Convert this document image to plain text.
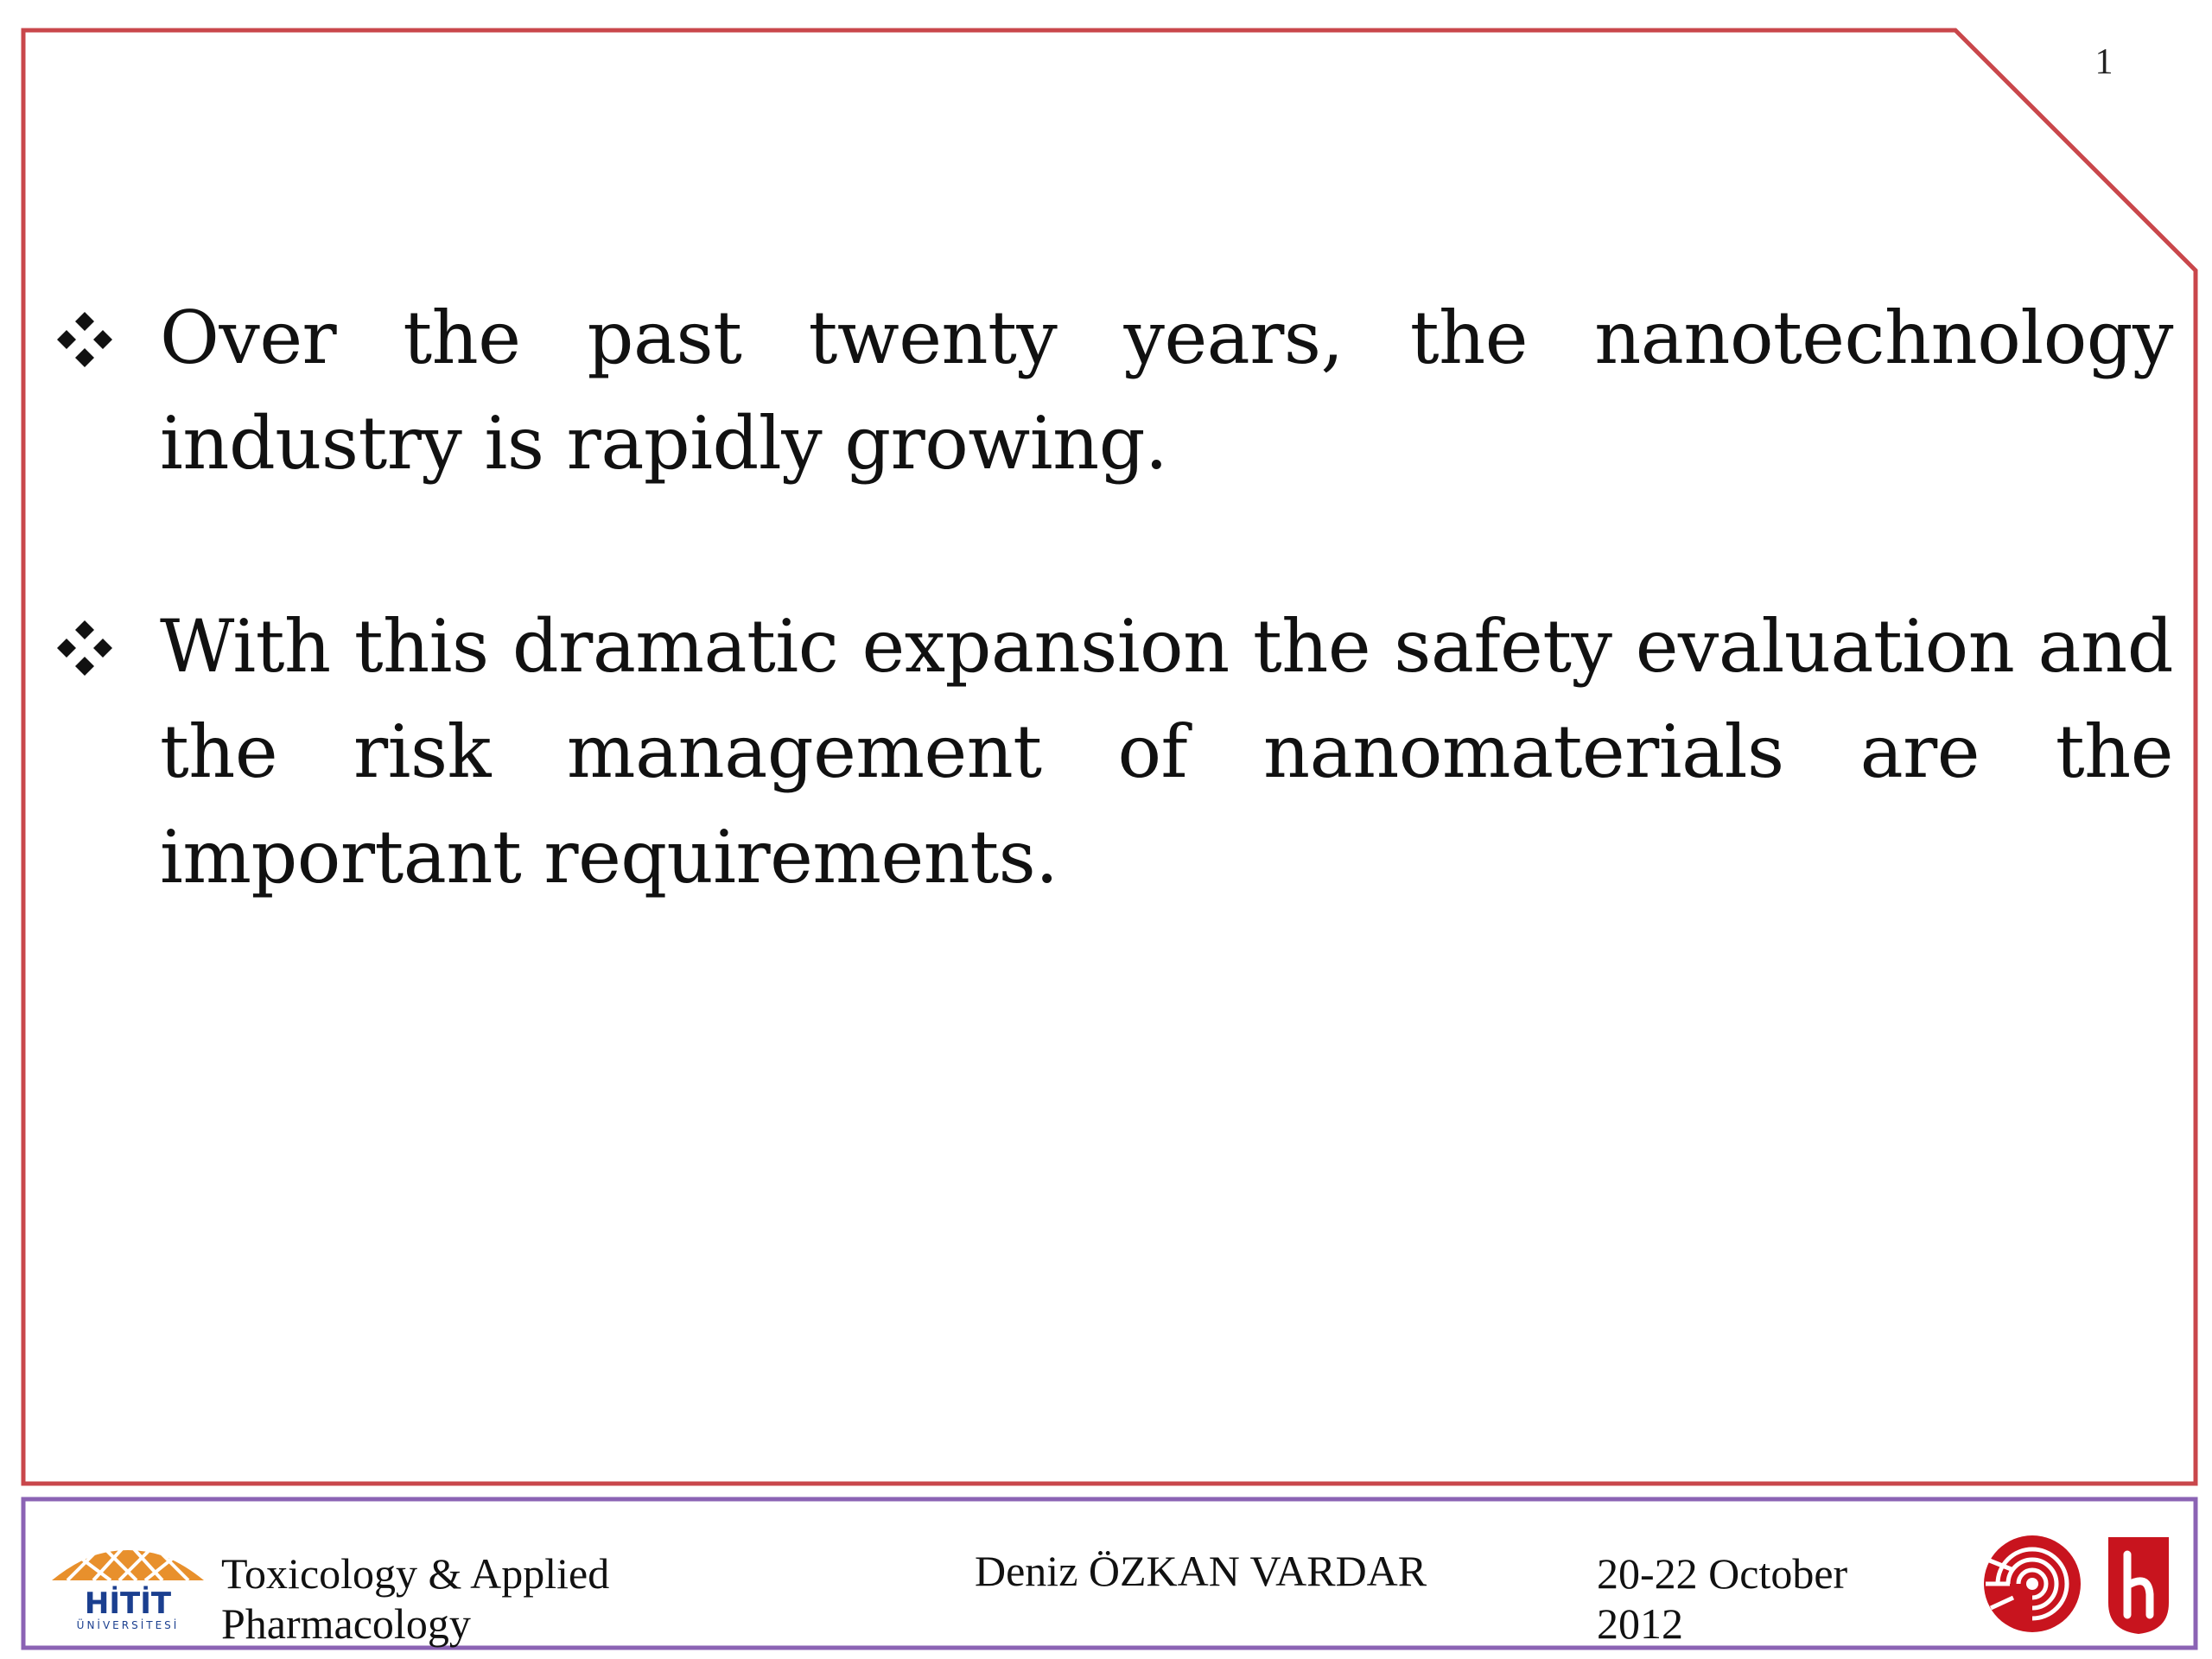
1
Over the past twenty years, the nanotechnology industry is rapidly growing.
With this dramatic expansion the safety evaluation and the risk management of nanomaterials are the important requirements.
HİTİT
ÜNİVERSİTESİ
Toxicology & Applied Pharmacology
Deniz ÖZKAN VARDAR	20-22 October 2012
